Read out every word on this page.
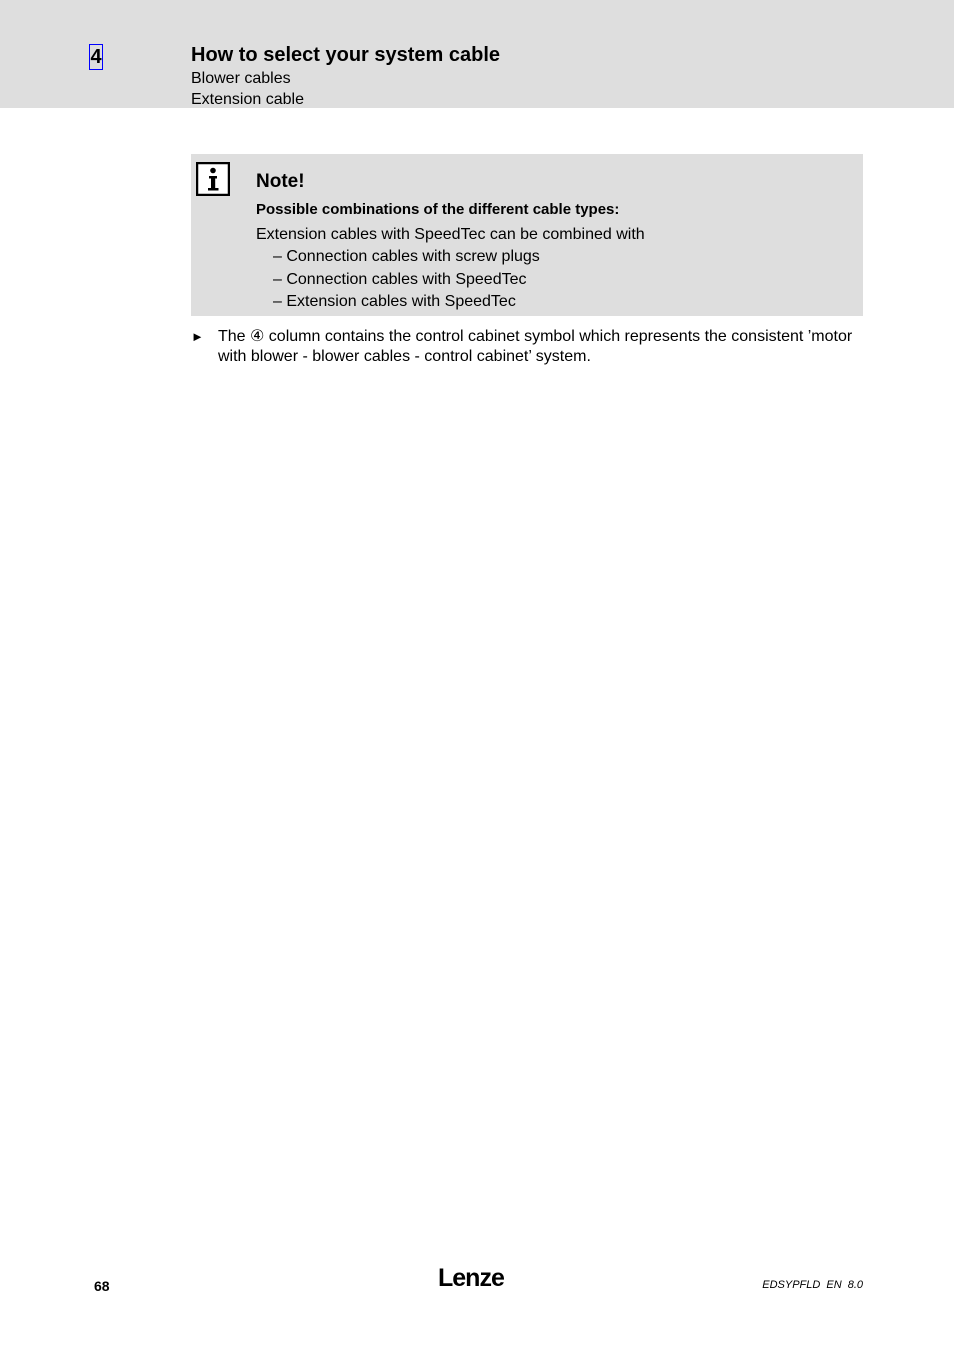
4	How to select your system cable
Blower cables
Extension cable
Note!
Possible combinations of the different cable types:
Extension cables with SpeedTec can be combined with
– Connection cables with screw plugs
– Connection cables with SpeedTec
– Extension cables with SpeedTec
► The ④ column contains the control cabinet symbol which represents the consistent ’motor with blower - blower cables - control cabinet’ system.

68	Lenze	EDSYPFLD EN 8.0
